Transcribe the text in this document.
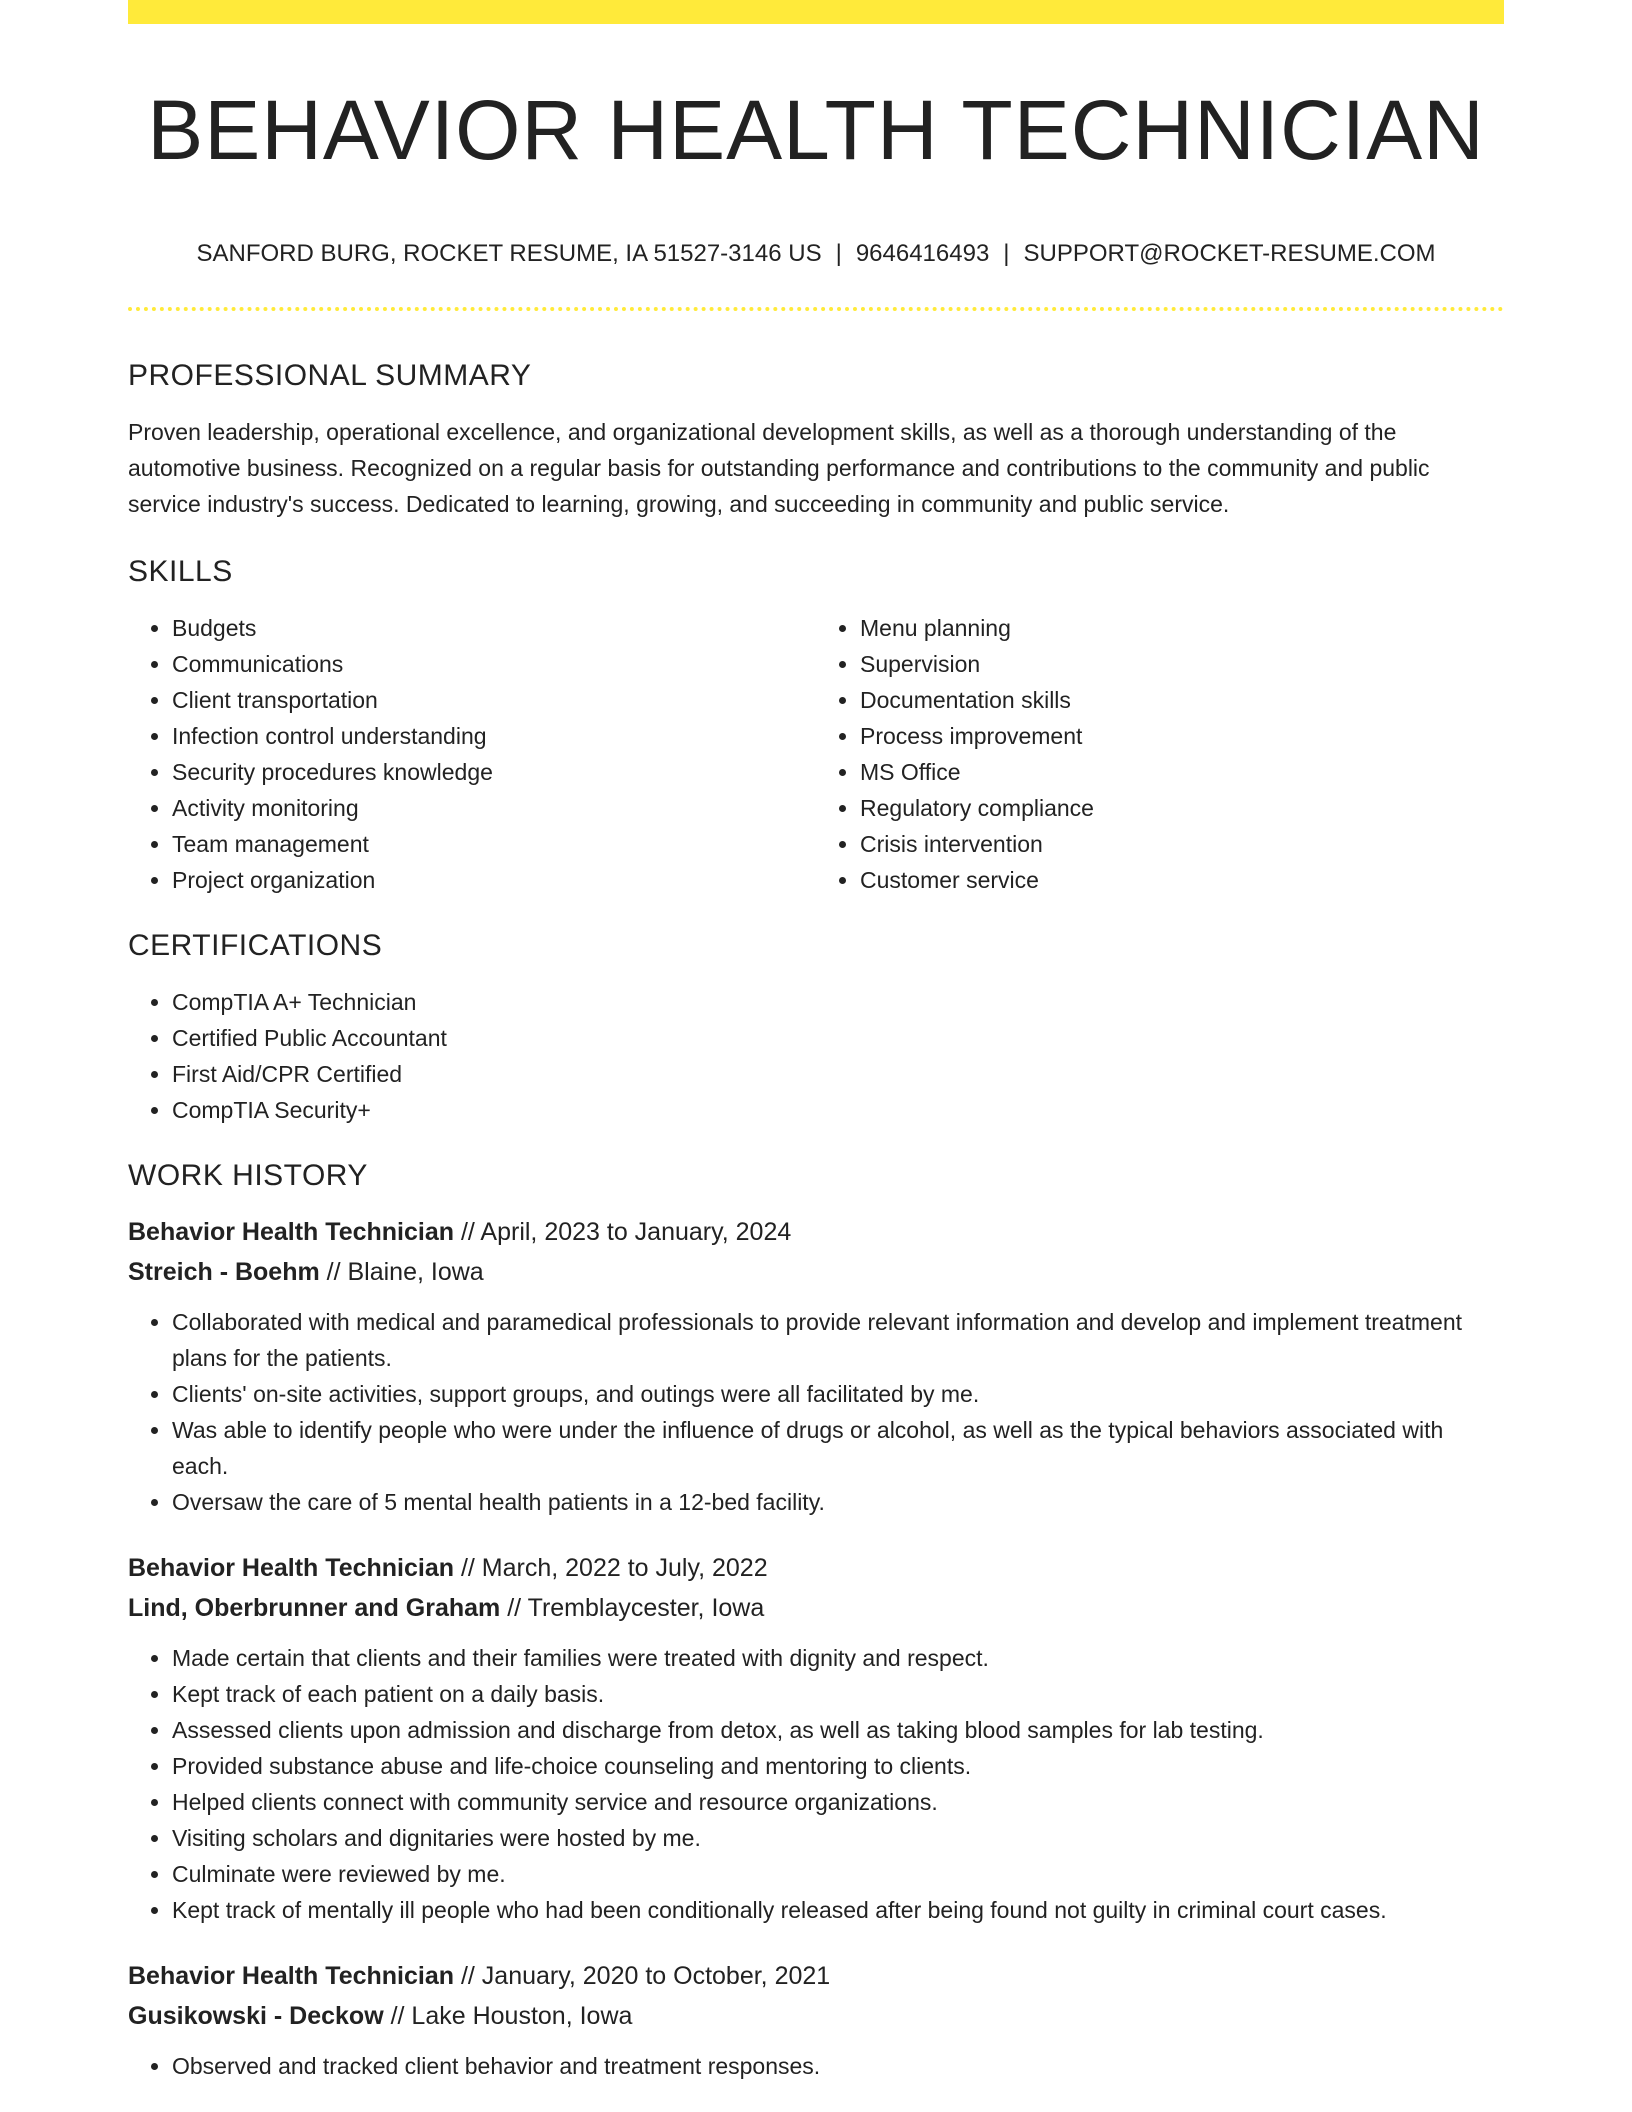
BEHAVIOR HEALTH TECHNICIAN
SANFORD BURG, ROCKET RESUME, IA 51527-3146 US | 9646416493 | SUPPORT@ROCKET-RESUME.COM
PROFESSIONAL SUMMARY

Proven leadership, operational excellence, and organizational development skills, as well as a thorough understanding of the automotive business. Recognized on a regular basis for outstanding performance and contributions to the community and public service industry's success. Dedicated to learning, growing, and succeeding in community and public service.

SKILLS
• Budgets
• Communications
• Client transportation
• Infection control understanding
• Security procedures knowledge
• Activity monitoring
• Team management
• Project organization
• Menu planning
• Supervision
• Documentation skills
• Process improvement
• MS Office
• Regulatory compliance
• Crisis intervention
• Customer service
CERTIFICATIONS
• CompTIA A+ Technician
• Certified Public Accountant
• First Aid/CPR Certified
• CompTIA Security+
WORK HISTORY
Behavior Health Technician // April, 2023 to January, 2024
Streich - Boehm // Blaine, Iowa
• Collaborated with medical and paramedical professionals to provide relevant information and develop and implement treatment plans for the patients.
• Clients' on-site activities, support groups, and outings were all facilitated by me.
• Was able to identify people who were under the influence of drugs or alcohol, as well as the typical behaviors associated with each.
• Oversaw the care of 5 mental health patients in a 12-bed facility.
Behavior Health Technician // March, 2022 to July, 2022
Lind, Oberbrunner and Graham // Tremblaycester, Iowa
• Made certain that clients and their families were treated with dignity and respect.
• Kept track of each patient on a daily basis.
• Assessed clients upon admission and discharge from detox, as well as taking blood samples for lab testing.
• Provided substance abuse and life-choice counseling and mentoring to clients.
• Helped clients connect with community service and resource organizations.
• Visiting scholars and dignitaries were hosted by me.
• Culminate were reviewed by me.
• Kept track of mentally ill people who had been conditionally released after being found not guilty in criminal court cases.
Behavior Health Technician // January, 2020 to October, 2021
Gusikowski - Deckow // Lake Houston, Iowa
• Observed and tracked client behavior and treatment responses.
